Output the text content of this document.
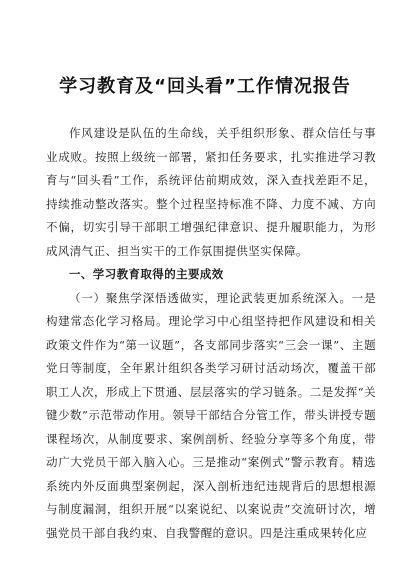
学习教育及“回头看”工作情况报告

作风建设是队伍的生命线，关乎组织形象、群众信任与事业成败。按照上级统一部署，紧扣任务要求，扎实推进学习教育与“回头看”工作，系统评估前期成效，深入查找差距不足，持续推动整改落实。整个过程坚持标准不降、力度不减、方向不偏，切实引导干部职工增强纪律意识、提升履职能力，为形成风清气正、担当实干的工作氛围提供坚实保障。

一、学习教育取得的主要成效

（一）聚焦学深悟透做实，理论武装更加系统深入。一是构建常态化学习格局。理论学习中心组坚持把作风建设和相关政策文件作为“第一议题”，各支部同步落实“三会一课”、主题党日等制度，全年累计组织各类学习研讨活动场次，覆盖干部职工人次，形成上下贯通、层层落实的学习链条。二是发挥“关键少数”示范带动作用。领导干部结合分管工作，带头讲授专题课程场次，从制度要求、案例剖析、经验分享等多个角度，带动广大党员干部入脑入心。三是推动“案例式”警示教育。精选系统内外反面典型案例起，深入剖析违纪违规背后的思想根源与制度漏洞，组织开展“以案说纪、以案说责”交流研讨次，增强党员干部自我约束、自我警醒的意识。四是注重成果转化应
